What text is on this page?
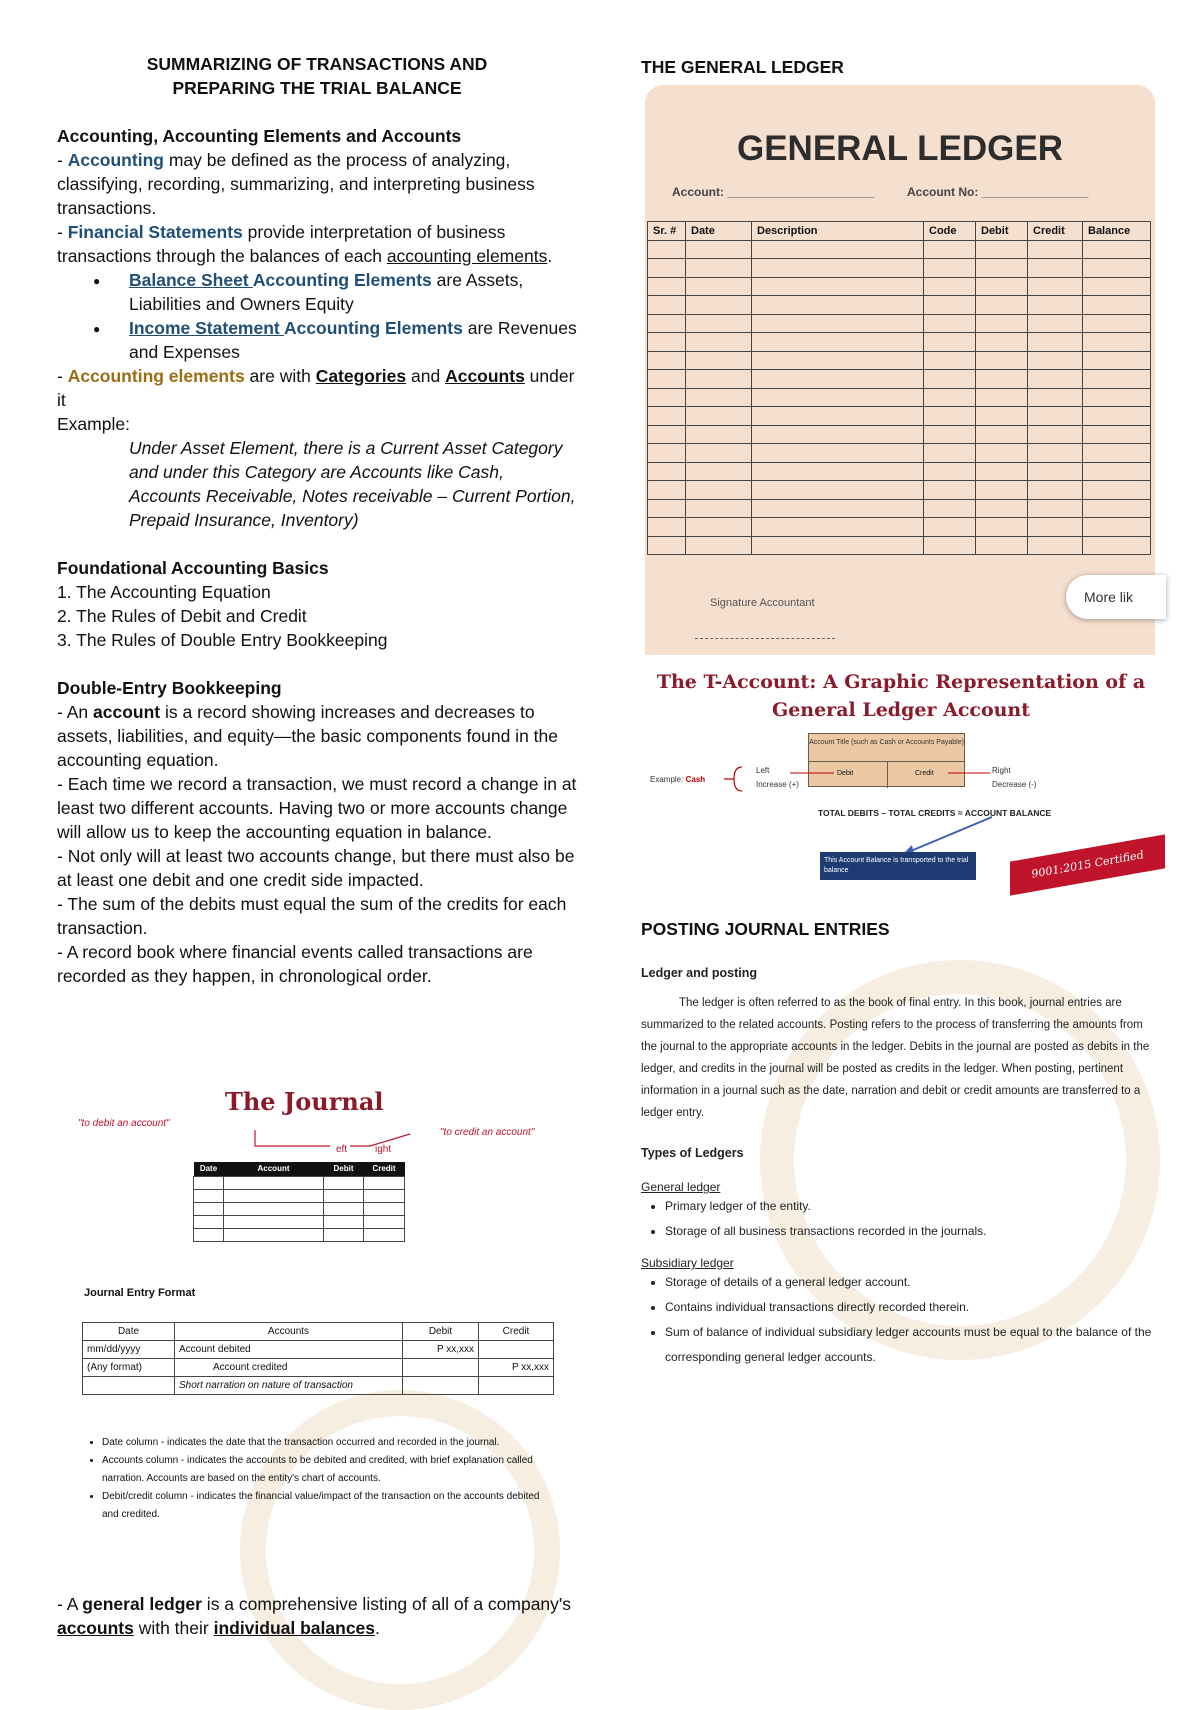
SUMMARIZING OF TRANSACTIONS AND

PREPARING THE TRIAL BALANCE

Accounting, Accounting Elements and Accounts

- Accounting may be defined as the process of analyzing, classifying, recording, summarizing, and interpreting business transactions.

- Financial Statements provide interpretation of business transactions through the balances of each accounting elements.

● Balance Sheet Accounting Elements are Assets, Liabilities and Owners Equity
● Income Statement Accounting Elements are Revenues and Expenses

- Accounting elements are with Categories and Accounts under it

Example:

Under Asset Element, there is a Current Asset Category and under this Category are Accounts like Cash, Accounts Receivable, Notes receivable – Current Portion, Prepaid Insurance, Inventory)

Foundational Accounting Basics

1. The Accounting Equation

2. The Rules of Debit and Credit

3. The Rules of Double Entry Bookkeeping

Double-Entry Bookkeeping

- An account is a record showing increases and decreases to assets, liabilities, and equity—the basic components found in the accounting equation.

- Each time we record a transaction, we must record a change in at least two different accounts. Having two or more accounts change will allow us to keep the accounting equation in balance.

- Not only will at least two accounts change, but there must also be at least one debit and one credit side impacted.

- The sum of the debits must equal the sum of the credits for each transaction.

- A record book where financial events called transactions are recorded as they happen, in chronological order.

The Journal
"to debit an account"
"to credit an account"
eft	ight
Date	Account	Debit	Credit

Journal Entry Format
Date	Accounts	Debit	Credit
mm/dd/yyyy	Account debited	P xx,xxx	
(Any format)	Account credited		P xx,xxx
	Short narration on nature of transaction		
• Date column - indicates the date that the transaction occurred and recorded in the journal.
• Accounts column - indicates the accounts to be debited and credited, with brief explanation called narration. Accounts are based on the entity's chart of accounts.
• Debit/credit column - indicates the financial value/impact of the transaction on the accounts debited and credited.

- A general ledger is a comprehensive listing of all of a company's accounts with their individual balances.

THE GENERAL LEDGER

GENERAL LEDGER
Account: ______________________	Account No: ________________
Sr. #	Date	Description	Code	Debit	Credit	Balance

Signature Accountant	More lik
The T-Account: A Graphic Representation of a
General Ledger Account
Account Title (such as Cash or Accounts Payable)
Debit	Credit
Example: Cash
Left
Increase (+)
Right
Decrease (-)
TOTAL DEBITS – TOTAL CREDITS = ACCOUNT BALANCE
This Account Balance is transported to the trial balance	9001:2015 Certified

POSTING JOURNAL ENTRIES

Ledger and posting

The ledger is often referred to as the book of final entry. In this book, journal entries are summarized to the related accounts. Posting refers to the process of transferring the amounts from the journal to the appropriate accounts in the ledger. Debits in the journal are posted as debits in the ledger, and credits in the journal will be posted as credits in the ledger. When posting, pertinent information in a journal such as the date, narration and debit or credit amounts are transferred to a ledger entry.

Types of Ledgers

General ledger

• Primary ledger of the entity.
• Storage of all business transactions recorded in the journals.

Subsidiary ledger

• Storage of details of a general ledger account.
• Contains individual transactions directly recorded therein.
• Sum of balance of individual subsidiary ledger accounts must be equal to the balance of the corresponding general ledger accounts.
